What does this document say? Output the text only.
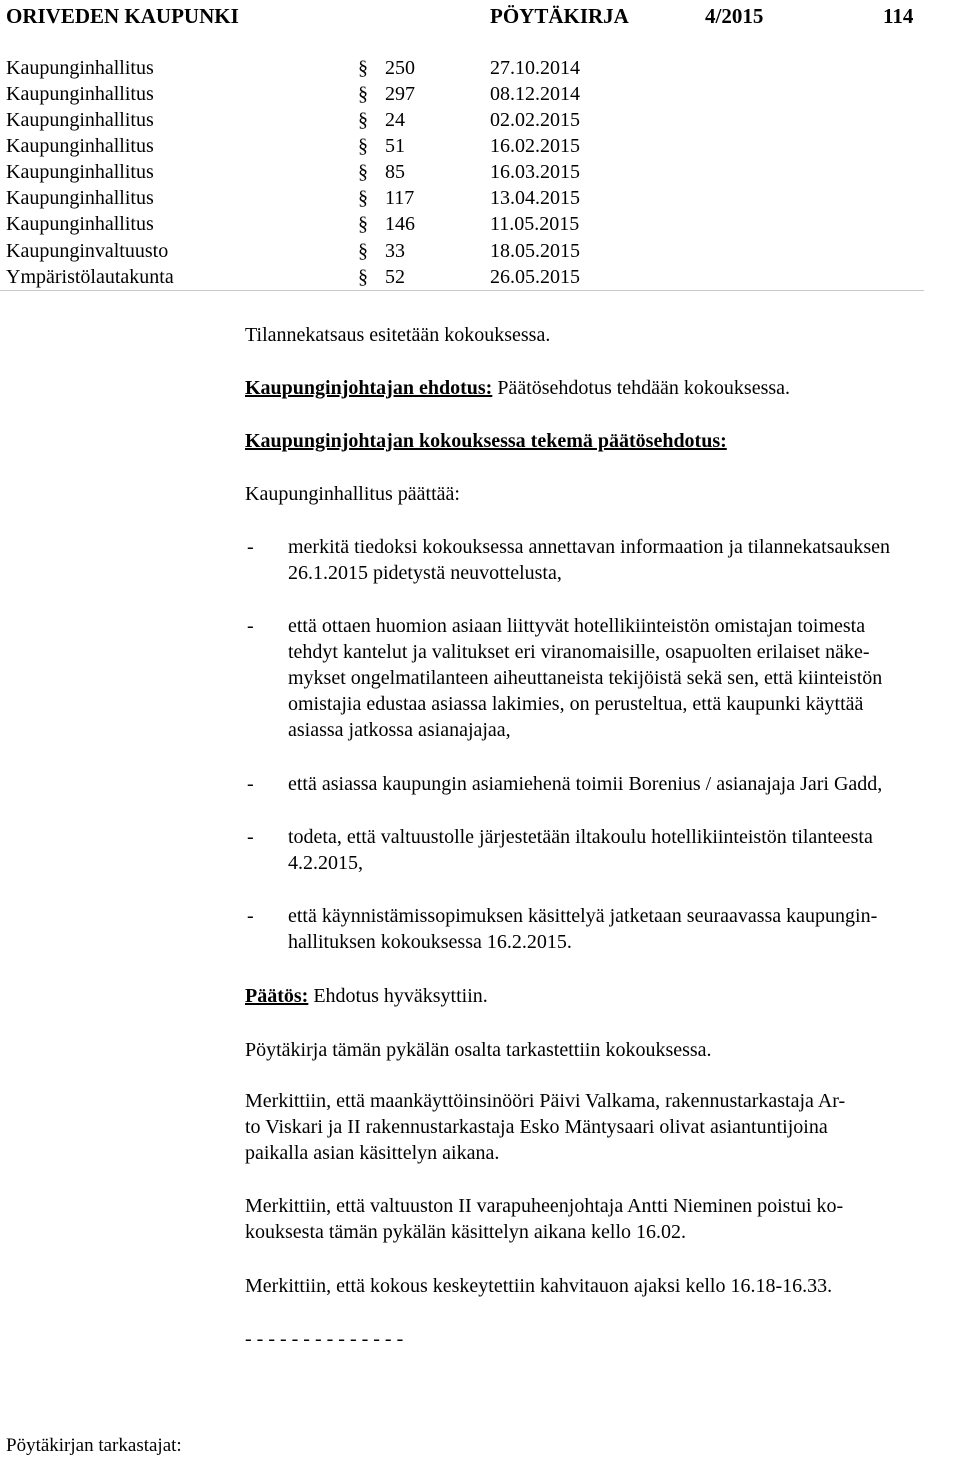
ORIVEDEN KAUPUNKI	PÖYTÄKIRJA	4/2015	114
Kaupunginhallitus	§ 250	27.10.2014
Kaupunginhallitus	§ 297	08.12.2014
Kaupunginhallitus	§ 24	02.02.2015
Kaupunginhallitus	§ 51	16.02.2015
Kaupunginhallitus	§ 85	16.03.2015
Kaupunginhallitus	§ 117	13.04.2015
Kaupunginhallitus	§ 146	11.05.2015
Kaupunginvaltuusto	§ 33	18.05.2015
Ympäristölautakunta	§ 52	26.05.2015
Tilannekatsaus esitetään kokouksessa.
Kaupunginjohtajan ehdotus: Päätösehdotus tehdään kokouksessa.
Kaupunginjohtajan kokouksessa tekemä päätösehdotus:
Kaupunginhallitus päättää:
- merkitä tiedoksi kokouksessa annettavan informaation ja tilannekatsauksen
26.1.2015 pidetystä neuvottelusta,
- että ottaen huomion asiaan liittyvät hotellikiinteistön omistajan toimesta
tehdyt kantelut ja valitukset eri viranomaisille, osapuolten erilaiset näke-
mykset ongelmatilanteen aiheuttaneista tekijöistä sekä sen, että kiinteistön
omistajia edustaa asiassa lakimies, on perusteltua, että kaupunki käyttää
asiassa jatkossa asianajajaa,
- että asiassa kaupungin asiamiehenä toimii Borenius / asianajaja Jari Gadd,
- todeta, että valtuustolle järjestetään iltakoulu hotellikiinteistön tilanteesta
4.2.2015,
- että käynnistämissopimuksen käsittelyä jatketaan seuraavassa kaupungin-
hallituksen kokouksessa 16.2.2015.
Päätös: Ehdotus hyväksyttiin.
Pöytäkirja tämän pykälän osalta tarkastettiin kokouksessa.
Merkittiin, että maankäyttöinsinööri Päivi Valkama, rakennustarkastaja Ar-
to Viskari ja II rakennustarkastaja Esko Mäntysaari olivat asiantuntijoina
paikalla asian käsittelyn aikana.
Merkittiin, että valtuuston II varapuheenjohtaja Antti Nieminen poistui ko-
kouksesta tämän pykälän käsittelyn aikana kello 16.02.
Merkittiin, että kokous keskeytettiin kahvitauon ajaksi kello 16.18-16.33.
- - - - - - - - - - - - - -
Pöytäkirjan tarkastajat:
